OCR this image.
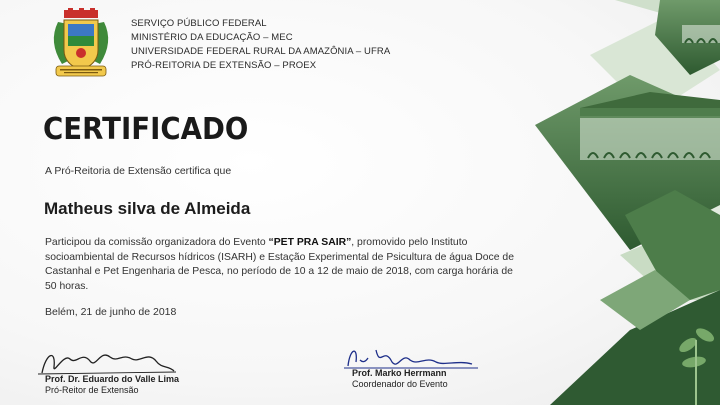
SERVIÇO PÚBLICO FEDERAL
MINISTÉRIO DA EDUCAÇÃO – MEC
UNIVERSIDADE FEDERAL RURAL DA AMAZÔNIA – UFRA
PRÓ-REITORIA DE EXTENSÃO – PROEX
CERTIFICADO
A Pró-Reitoria de Extensão certifica que
Matheus silva de Almeida
Participou da comissão organizadora do Evento “PET PRA SAIR”, promovido pelo Instituto socioambiental de Recursos hídricos (ISARH) e Estação Experimental de Psicultura de água Doce de Castanhal e Pet Engenharia de Pesca, no período de 10 a 12 de maio de 2018, com carga horária de 50 horas.
Belém, 21 de junho de 2018
Prof. Dr. Eduardo do Valle Lima
Pró-Reitor de Extensão
Prof. Marko Herrmann
Coordenador do Evento
